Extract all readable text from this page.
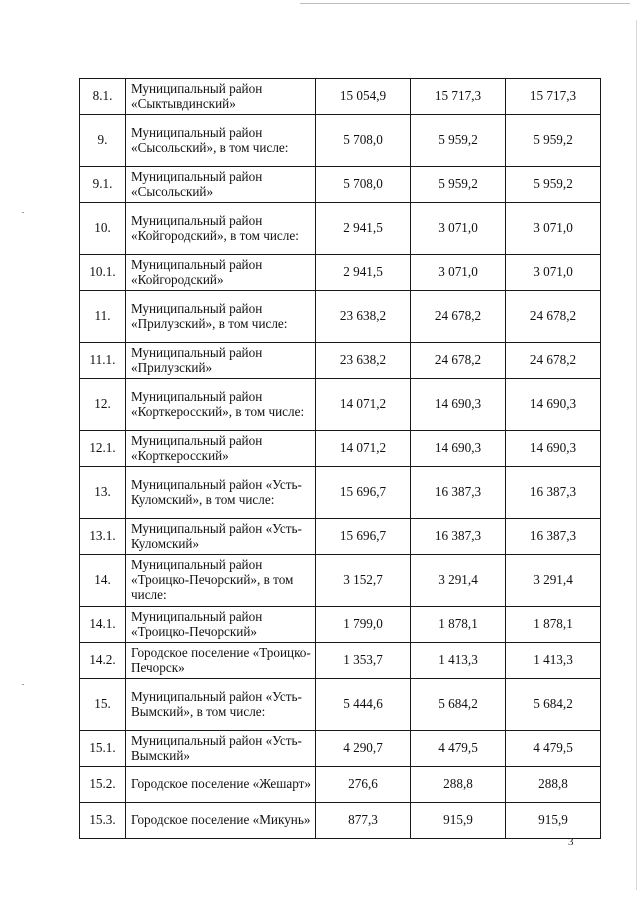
8.1.	Муниципальный район «Сыктывдинский»	15 054,9	15 717,3	15 717,3
9.	Муниципальный район «Сысольский», в том числе:	5 708,0	5 959,2	5 959,2
9.1.	Муниципальный район «Сысольский»	5 708,0	5 959,2	5 959,2
10.	Муниципальный район «Койгородский», в том числе:	2 941,5	3 071,0	3 071,0
10.1.	Муниципальный район «Койгородский»	2 941,5	3 071,0	3 071,0
11.	Муниципальный район «Прилузский», в том числе:	23 638,2	24 678,2	24 678,2
11.1.	Муниципальный район «Прилузский»	23 638,2	24 678,2	24 678,2
12.	Муниципальный район «Корткеросский», в том числе:	14 071,2	14 690,3	14 690,3
12.1.	Муниципальный район «Корткеросский»	14 071,2	14 690,3	14 690,3
13.	Муниципальный район «Усть-Куломский», в том числе:	15 696,7	16 387,3	16 387,3
13.1.	Муниципальный район «Усть-Куломский»	15 696,7	16 387,3	16 387,3
14.	Муниципальный район «Троицко-Печорский», в том числе:	3 152,7	3 291,4	3 291,4
14.1.	Муниципальный район «Троицко-Печорский»	1 799,0	1 878,1	1 878,1
14.2.	Городское поселение «Троицко-Печорск»	1 353,7	1 413,3	1 413,3
15.	Муниципальный район «Усть-Вымский», в том числе:	5 444,6	5 684,2	5 684,2
15.1.	Муниципальный район «Усть-Вымский»	4 290,7	4 479,5	4 479,5
15.2.	Городское поселение «Жешарт»	276,6	288,8	288,8
15.3.	Городское поселение «Микунь»	877,3	915,9	915,9
3
